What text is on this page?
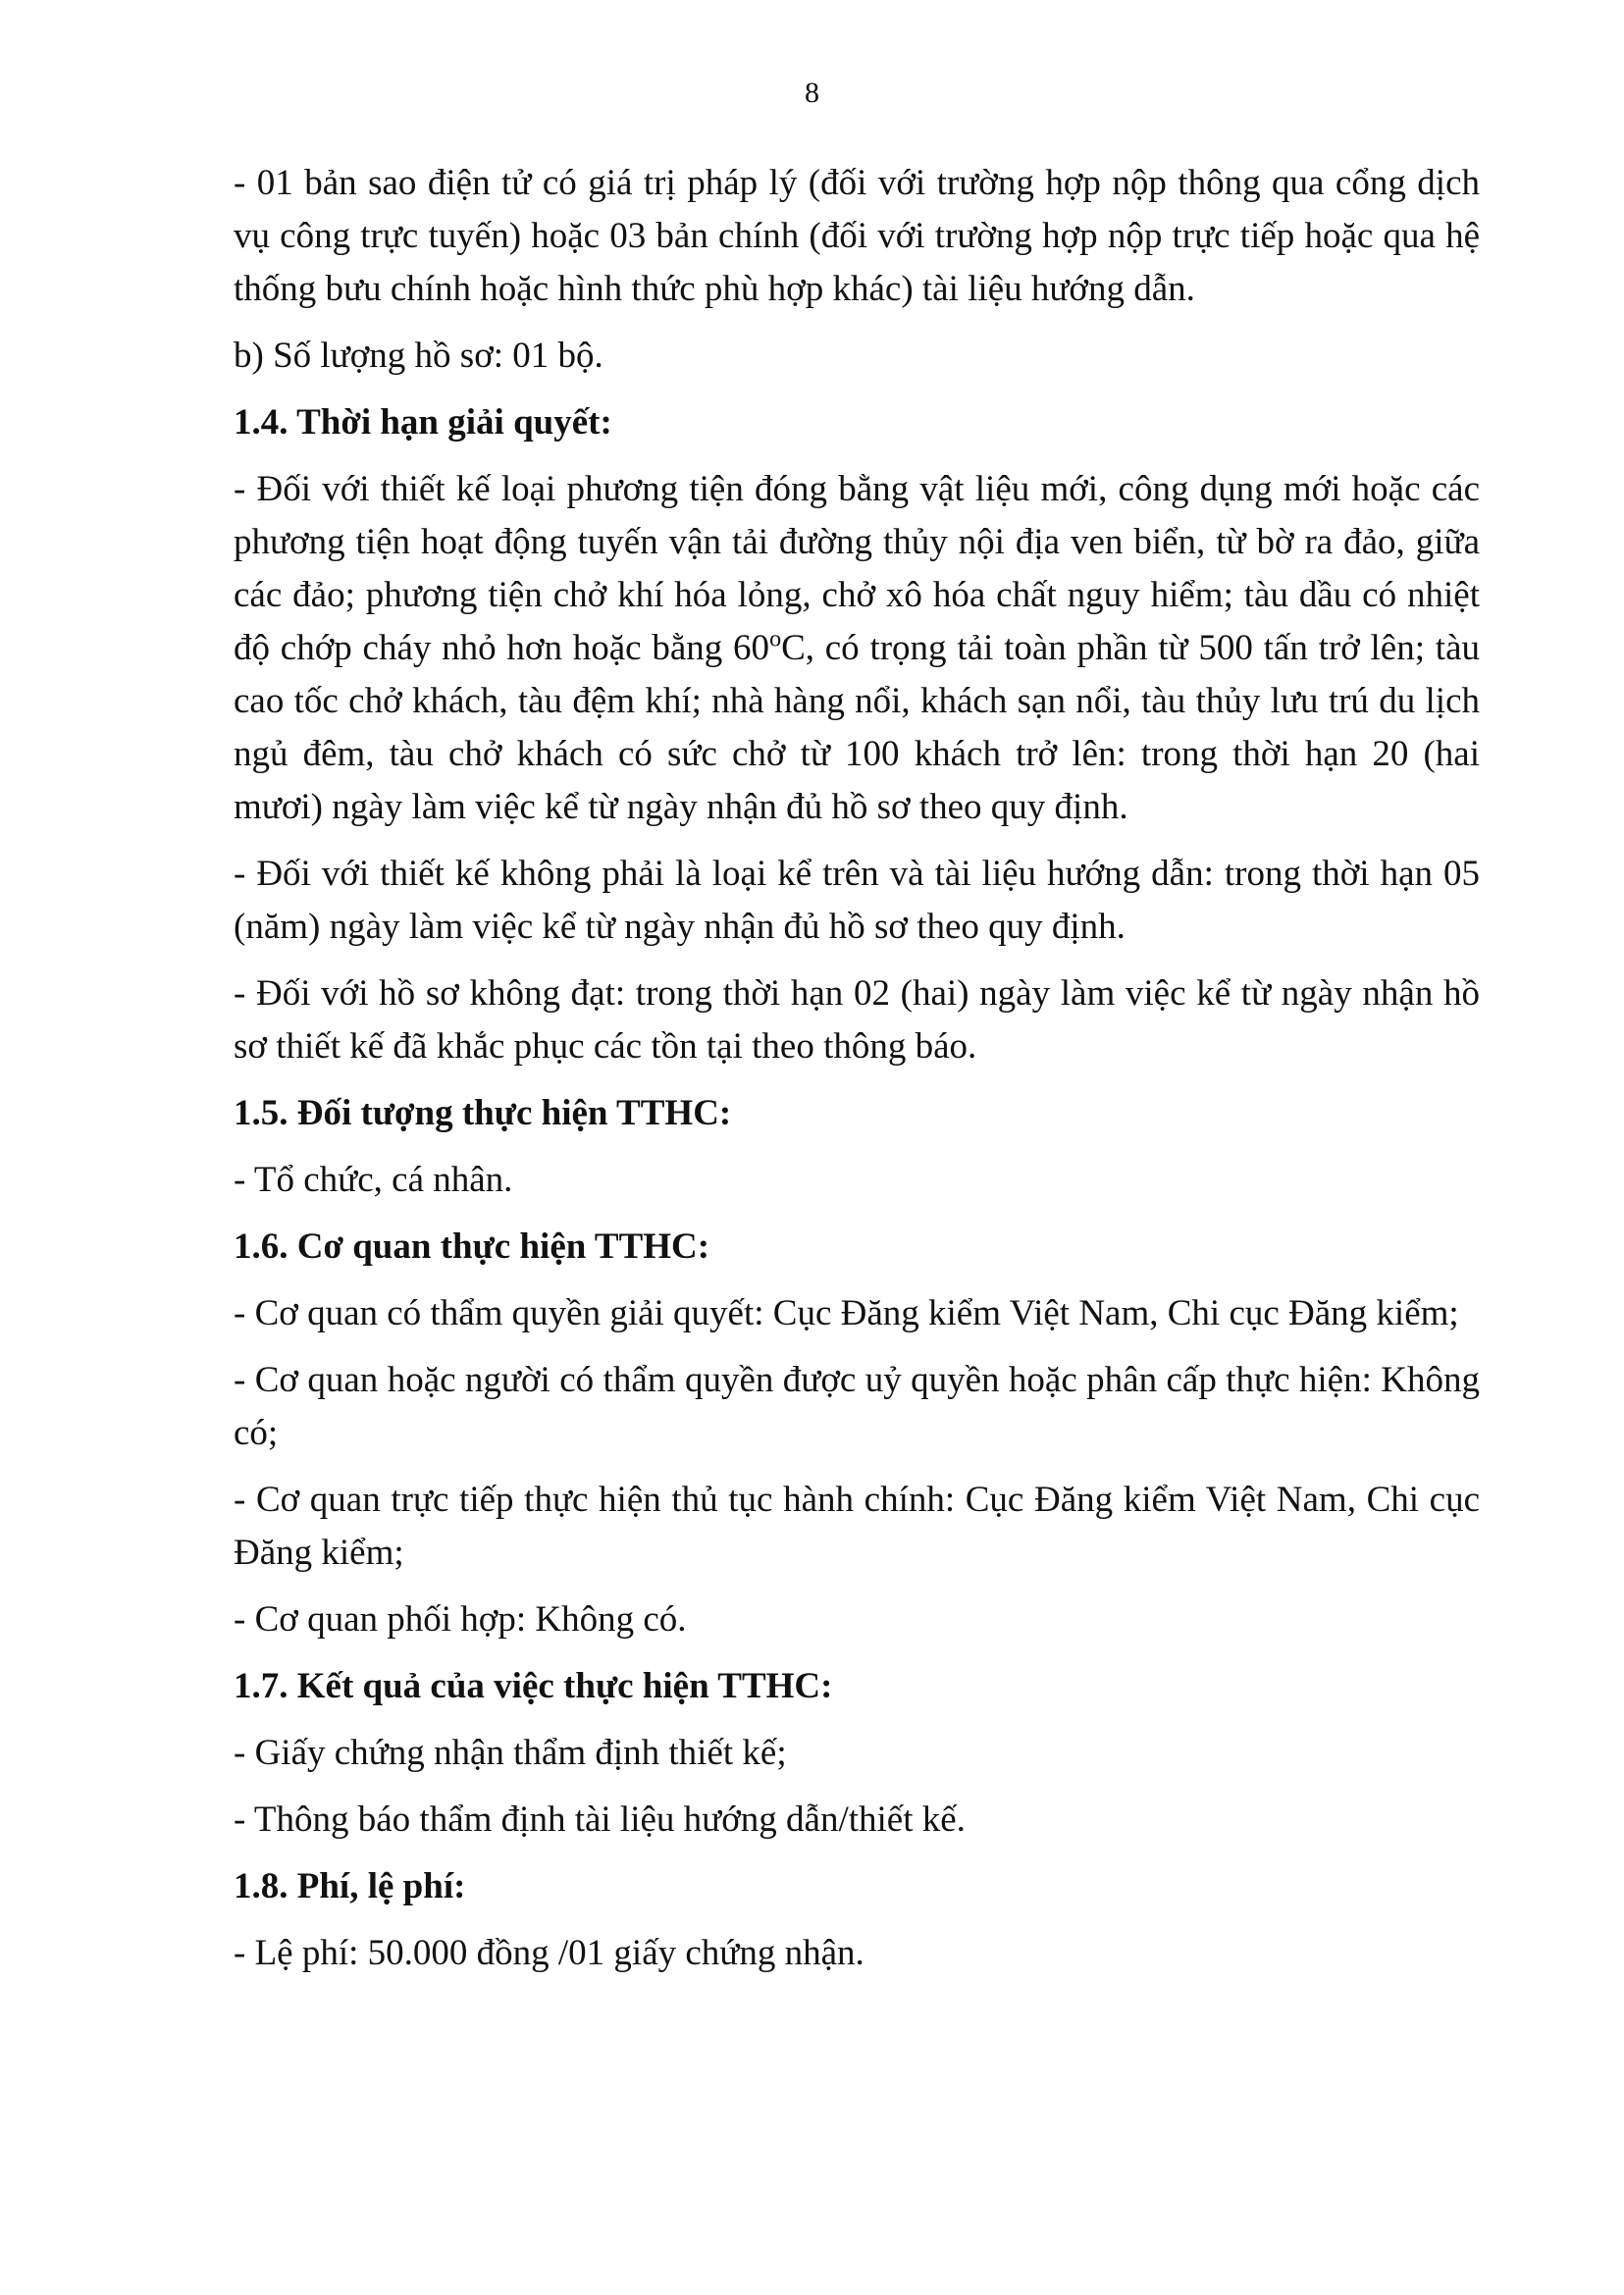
8

- 01 bản sao điện tử có giá trị pháp lý (đối với trường hợp nộp thông qua cổng dịch vụ công trực tuyến) hoặc 03 bản chính (đối với trường hợp nộp trực tiếp hoặc qua hệ thống bưu chính hoặc hình thức phù hợp khác) tài liệu hướng dẫn.

b) Số lượng hồ sơ: 01 bộ.

1.4. Thời hạn giải quyết:

- Đối với thiết kế loại phương tiện đóng bằng vật liệu mới, công dụng mới hoặc các phương tiện hoạt động tuyến vận tải đường thủy nội địa ven biển, từ bờ ra đảo, giữa các đảo; phương tiện chở khí hóa lỏng, chở xô hóa chất nguy hiểm; tàu dầu có nhiệt độ chớp cháy nhỏ hơn hoặc bằng 60$^o$C, có trọng tải toàn phần từ 500 tấn trở lên; tàu cao tốc chở khách, tàu đệm khí; nhà hàng nổi, khách sạn nổi, tàu thủy lưu trú du lịch ngủ đêm, tàu chở khách có sức chở từ 100 khách trở lên: trong thời hạn 20 (hai mươi) ngày làm việc kể từ ngày nhận đủ hồ sơ theo quy định.

- Đối với thiết kế không phải là loại kể trên và tài liệu hướng dẫn: trong thời hạn 05 (năm) ngày làm việc kể từ ngày nhận đủ hồ sơ theo quy định.

- Đối với hồ sơ không đạt: trong thời hạn 02 (hai) ngày làm việc kể từ ngày nhận hồ sơ thiết kế đã khắc phục các tồn tại theo thông báo.

1.5. Đối tượng thực hiện TTHC:

- Tổ chức, cá nhân.

1.6. Cơ quan thực hiện TTHC:

- Cơ quan có thẩm quyền giải quyết: Cục Đăng kiểm Việt Nam, Chi cục Đăng kiểm;

- Cơ quan hoặc người có thẩm quyền được uỷ quyền hoặc phân cấp thực hiện: Không có;

- Cơ quan trực tiếp thực hiện thủ tục hành chính: Cục Đăng kiểm Việt Nam, Chi cục Đăng kiểm;

- Cơ quan phối hợp: Không có.

1.7. Kết quả của việc thực hiện TTHC:

- Giấy chứng nhận thẩm định thiết kế;

- Thông báo thẩm định tài liệu hướng dẫn/thiết kế.

1.8. Phí, lệ phí:

- Lệ phí: 50.000 đồng /01 giấy chứng nhận.
